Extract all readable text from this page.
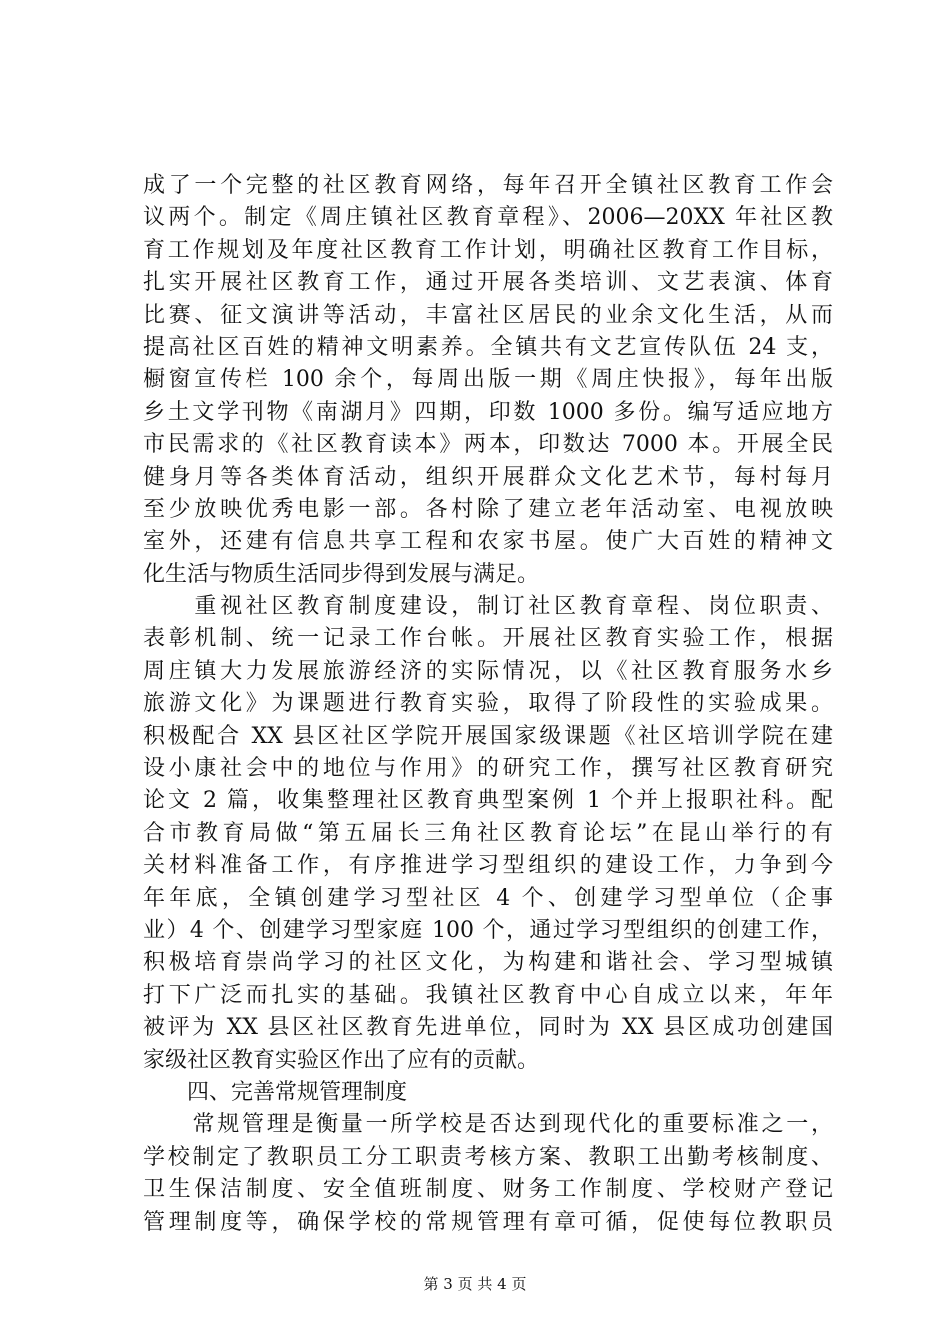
成了一个完整的社区教育网络，每年召开全镇社区教育工作会
议两个。制定《周庄镇社区教育章程》、2006—20XX 年社区教
育工作规划及年度社区教育工作计划，明确社区教育工作目标，
扎实开展社区教育工作，通过开展各类培训、文艺表演、体育
比赛、征文演讲等活动，丰富社区居民的业余文化生活，从而
提高社区百姓的精神文明素养。全镇共有文艺宣传队伍 24 支，
橱窗宣传栏 100 余个，每周出版一期《周庄快报》，每年出版
乡土文学刊物《南湖月》四期，印数 1000 多份。编写适应地方
市民需求的《社区教育读本》两本，印数达 7000 本。开展全民
健身月等各类体育活动，组织开展群众文化艺术节，每村每月
至少放映优秀电影一部。各村除了建立老年活动室、电视放映
室外，还建有信息共享工程和农家书屋。使广大百姓的精神文
化生活与物质生活同步得到发展与满足。
　　重视社区教育制度建设，制订社区教育章程、岗位职责、
表彰机制、统一记录工作台帐。开展社区教育实验工作，根据
周庄镇大力发展旅游经济的实际情况，以《社区教育服务水乡
旅游文化》为课题进行教育实验，取得了阶段性的实验成果。
积极配合 XX 县区社区学院开展国家级课题《社区培训学院在建
设小康社会中的地位与作用》的研究工作，撰写社区教育研究
论文 2 篇，收集整理社区教育典型案例 1 个并上报职社科。配
合市教育局做“第五届长三角社区教育论坛”在昆山举行的有
关材料准备工作，有序推进学习型组织的建设工作，力争到今
年年底，全镇创建学习型社区 4 个、创建学习型单位（企事
业）4 个、创建学习型家庭 100 个，通过学习型组织的创建工作，
积极培育崇尚学习的社区文化，为构建和谐社会、学习型城镇
打下广泛而扎实的基础。我镇社区教育中心自成立以来，年年
被评为 XX 县区社区教育先进单位，同时为 XX 县区成功创建国
家级社区教育实验区作出了应有的贡献。
　　四、完善常规管理制度
　　常规管理是衡量一所学校是否达到现代化的重要标准之一，
学校制定了教职员工分工职责考核方案、教职工出勤考核制度、
卫生保洁制度、安全值班制度、财务工作制度、学校财产登记
管理制度等，确保学校的常规管理有章可循，促使每位教职员
第 3 页 共 4 页
